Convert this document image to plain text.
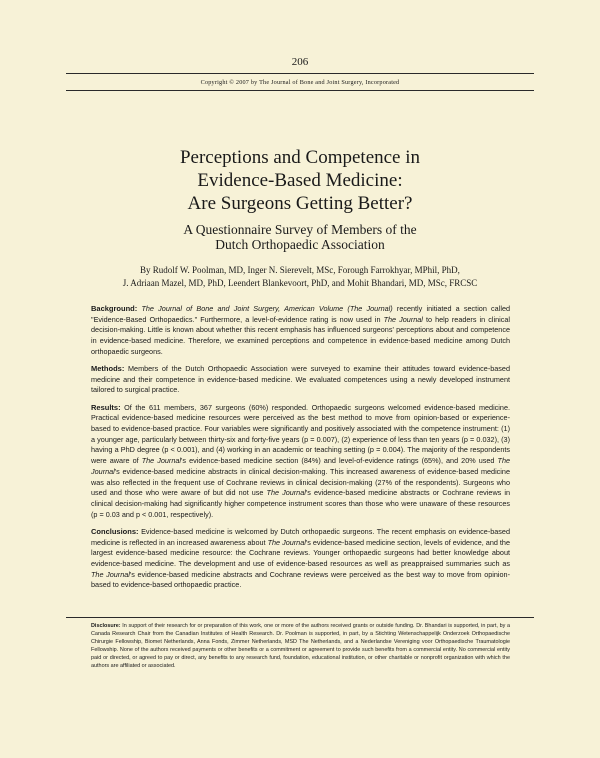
206
Copyright © 2007 by The Journal of Bone and Joint Surgery, Incorporated
Perceptions and Competence in
Evidence-Based Medicine:
Are Surgeons Getting Better?
A Questionnaire Survey of Members of the
Dutch Orthopaedic Association
By Rudolf W. Poolman, MD, Inger N. Sierevelt, MSc, Forough Farrokhyar, MPhil, PhD,
J. Adriaan Mazel, MD, PhD, Leendert Blankevoort, PhD, and Mohit Bhandari, MD, MSc, FRCSC

Background: The Journal of Bone and Joint Surgery, American Volume (The Journal) recently initiated a section called "Evidence-Based Orthopaedics." Furthermore, a level-of-evidence rating is now used in The Journal to help readers in clinical decision-making. Little is known about whether this recent emphasis has influenced surgeons' perceptions about and competence in evidence-based medicine. Therefore, we examined perceptions and competence in evidence-based medicine among Dutch orthopaedic surgeons.

Methods: Members of the Dutch Orthopaedic Association were surveyed to examine their attitudes toward evidence-based medicine and their competence in evidence-based medicine. We evaluated competences using a newly developed instrument tailored to surgical practice.

Results: Of the 611 members, 367 surgeons (60%) responded. Orthopaedic surgeons welcomed evidence-based medicine. Practical evidence-based medicine resources were perceived as the best method to move from opinion-based or experience-based to evidence-based practice. Four variables were significantly and positively associated with the competence instrument: (1) a younger age, particularly between thirty-six and forty-five years (p = 0.007), (2) experience of less than ten years (p = 0.032), (3) having a PhD degree (p < 0.001), and (4) working in an academic or teaching setting (p = 0.004). The majority of the respondents were aware of The Journal's evidence-based medicine section (84%) and level-of-evidence ratings (65%), and 20% used The Journal's evidence-based medicine abstracts in clinical decision-making. This increased awareness of evidence-based medicine was also reflected in the frequent use of Cochrane reviews in clinical decision-making (27% of the respondents). Surgeons who used and those who were aware of but did not use The Journal's evidence-based medicine abstracts or Cochrane reviews in clinical decision-making had significantly higher competence instrument scores than those who were unaware of these resources (p = 0.03 and p < 0.001, respectively).

Conclusions: Evidence-based medicine is welcomed by Dutch orthopaedic surgeons. The recent emphasis on evidence-based medicine is reflected in an increased awareness about The Journal's evidence-based medicine section, levels of evidence, and the largest evidence-based medicine resource: the Cochrane reviews. Younger orthopaedic surgeons had better knowledge about evidence-based medicine. The development and use of evidence-based resources as well as preappraised summaries such as The Journal's evidence-based medicine abstracts and Cochrane reviews were perceived as the best way to move from opinion-based to evidence-based orthopaedic practice.

Disclosure: In support of their research for or preparation of this work, one or more of the authors received grants or outside funding. Dr. Bhandari is supported, in part, by a Canada Research Chair from the Canadian Institutes of Health Research. Dr. Poolman is supported, in part, by a Stichting Wetenschappelijk Onderzoek Orthopaedische Chirurgie Fellowship, Biomet Netherlands, Anna Fonds, Zimmer Netherlands, MSD The Netherlands, and a Nederlandse Vereniging voor Orthopaedische Traumatologie Fellowship. None of the authors received payments or other benefits or a commitment or agreement to provide such benefits from a commercial entity. No commercial entity paid or directed, or agreed to pay or direct, any benefits to any research fund, foundation, educational institution, or other charitable or nonprofit organization with which the authors are affiliated or associated.
